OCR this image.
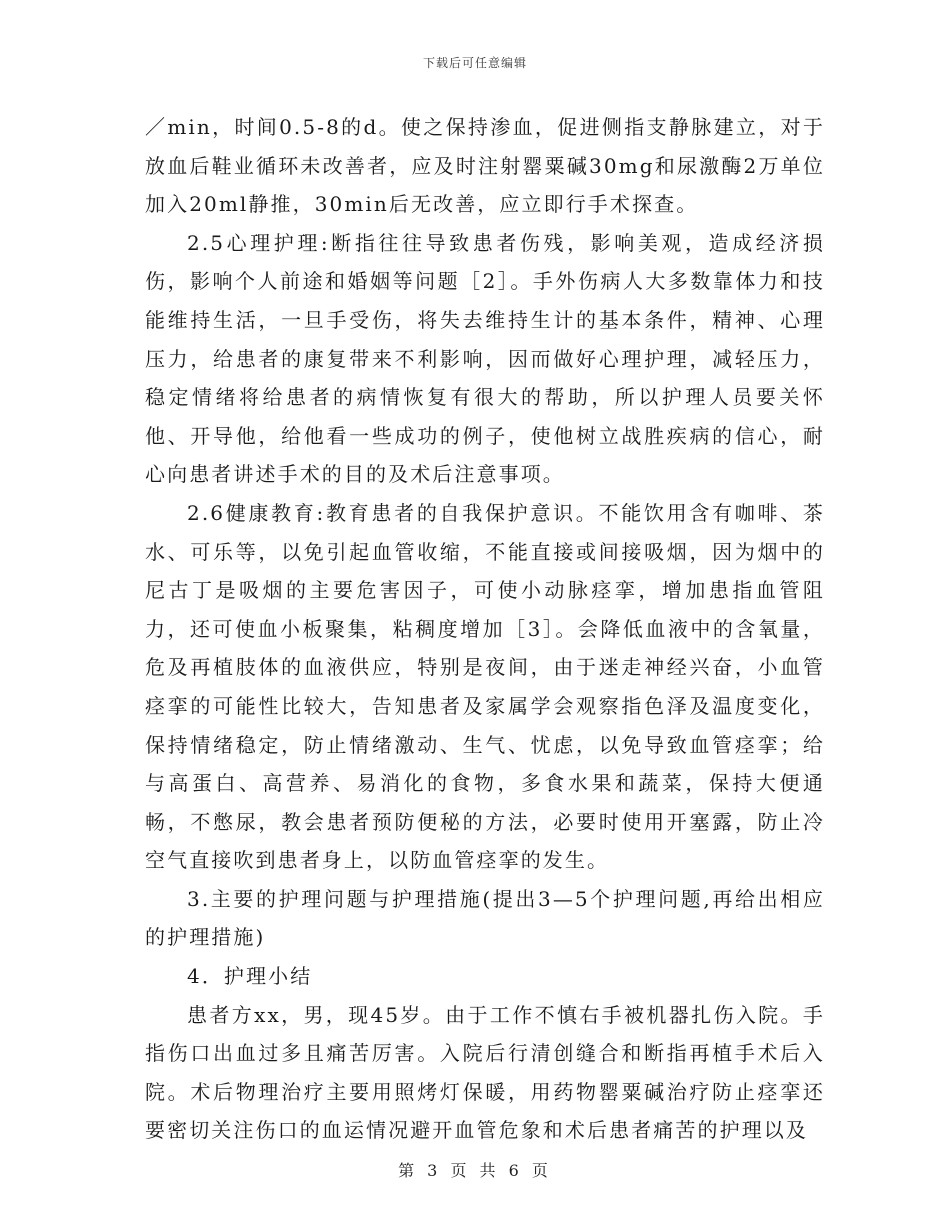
下载后可任意编辑

／min，时间0.5-8的d。使之保持渗血，促进侧指支静脉建立，对于放血后鞋业循环未改善者，应及时注射罂粟碱30mg和尿激酶2万单位加入20ml静推，30min后无改善，应立即行手术探查。

2.5心理护理:断指往往导致患者伤残，影响美观，造成经济损伤，影响个人前途和婚姻等问题［2］。手外伤病人大多数靠体力和技能维持生活，一旦手受伤，将失去维持生计的基本条件，精神、心理压力，给患者的康复带来不利影响，因而做好心理护理，减轻压力，稳定情绪将给患者的病情恢复有很大的帮助，所以护理人员要关怀他、开导他，给他看一些成功的例子，使他树立战胜疾病的信心，耐心向患者讲述手术的目的及术后注意事项。

2.6健康教育:教育患者的自我保护意识。不能饮用含有咖啡、茶水、可乐等，以免引起血管收缩，不能直接或间接吸烟，因为烟中的尼古丁是吸烟的主要危害因子，可使小动脉痉挛，增加患指血管阻力，还可使血小板聚集，粘稠度增加［3］。会降低血液中的含氧量，危及再植肢体的血液供应，特别是夜间，由于迷走神经兴奋，小血管痉挛的可能性比较大，告知患者及家属学会观察指色泽及温度变化，保持情绪稳定，防止情绪激动、生气、忧虑，以免导致血管痉挛；给与高蛋白、高营养、易消化的食物，多食水果和蔬菜，保持大便通畅，不憋尿，教会患者预防便秘的方法，必要时使用开塞露，防止冷空气直接吹到患者身上，以防血管痉挛的发生。

3.主要的护理问题与护理措施(提出3—5个护理问题,再给出相应的护理措施)

4．护理小结

患者方xx，男，现45岁。由于工作不慎右手被机器扎伤入院。手指伤口出血过多且痛苦厉害。入院后行清创缝合和断指再植手术后入院。术后物理治疗主要用照烤灯保暖，用药物罂粟碱治疗防止痉挛还要密切关注伤口的血运情况避开血管危象和术后患者痛苦的护理以及

第 3 页 共 6 页
